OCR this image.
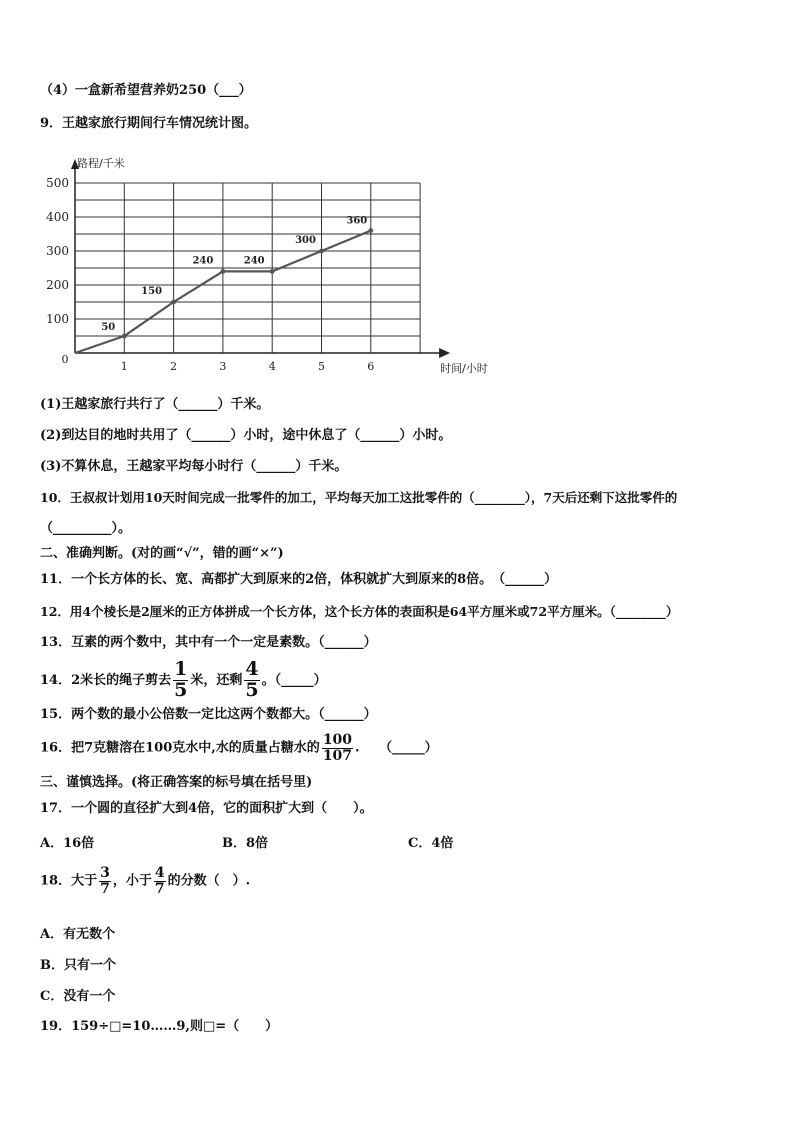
（4）一盒新希望营养奶250（___）
9．王越家旅行期间行车情况统计图。
100
200
300
400
500
1	2	3	4	5	6
0
路程/千米
时间/小时
50
150
240	240
300
360
(1)王越家旅行共行了（______）千米。
(2)到达目的地时共用了（______）小时，途中休息了（______）小时。
(3)不算休息，王越家平均每小时行（______）千米。
10．王叔叔计划用10天时间完成一批零件的加工，平均每天加工这批零件的（________），7天后还剩下这批零件的
（_________）。
二、准确判断。(对的画“√”，错的画“×”)
11．一个长方体的长、宽、高都扩大到原来的2倍，体积就扩大到原来的8倍。　（______）
12．用4个棱长是2厘米的正方体拼成一个长方体，这个长方体的表面积是64平方厘米或72平方厘米。（________）
13．互素的两个数中，其中有一个一定是素数。（______）
14．2米长的绳子剪去 $\frac{1}{5}$ 米，还剩 $\frac{4}{5}$ 。（_____）
15．两个数的最小公倍数一定比这两个数都大。（______）
16．把7克糖溶在100克水中,水的质量占糖水的 $\frac{100}{107}$ .　　（_____）
三、谨慎选择。(将正确答案的标号填在括号里)
17．一个圆的直径扩大到4倍，它的面积扩大到（　　）。
A．16倍	B．8倍	C．4倍
18．大于 $\frac{3}{7}$ ，小于 $\frac{4}{7}$ 的分数（　）.
A．有无数个
B．只有一个
C．没有一个
19．159÷□=10……9,则□=（　　）
